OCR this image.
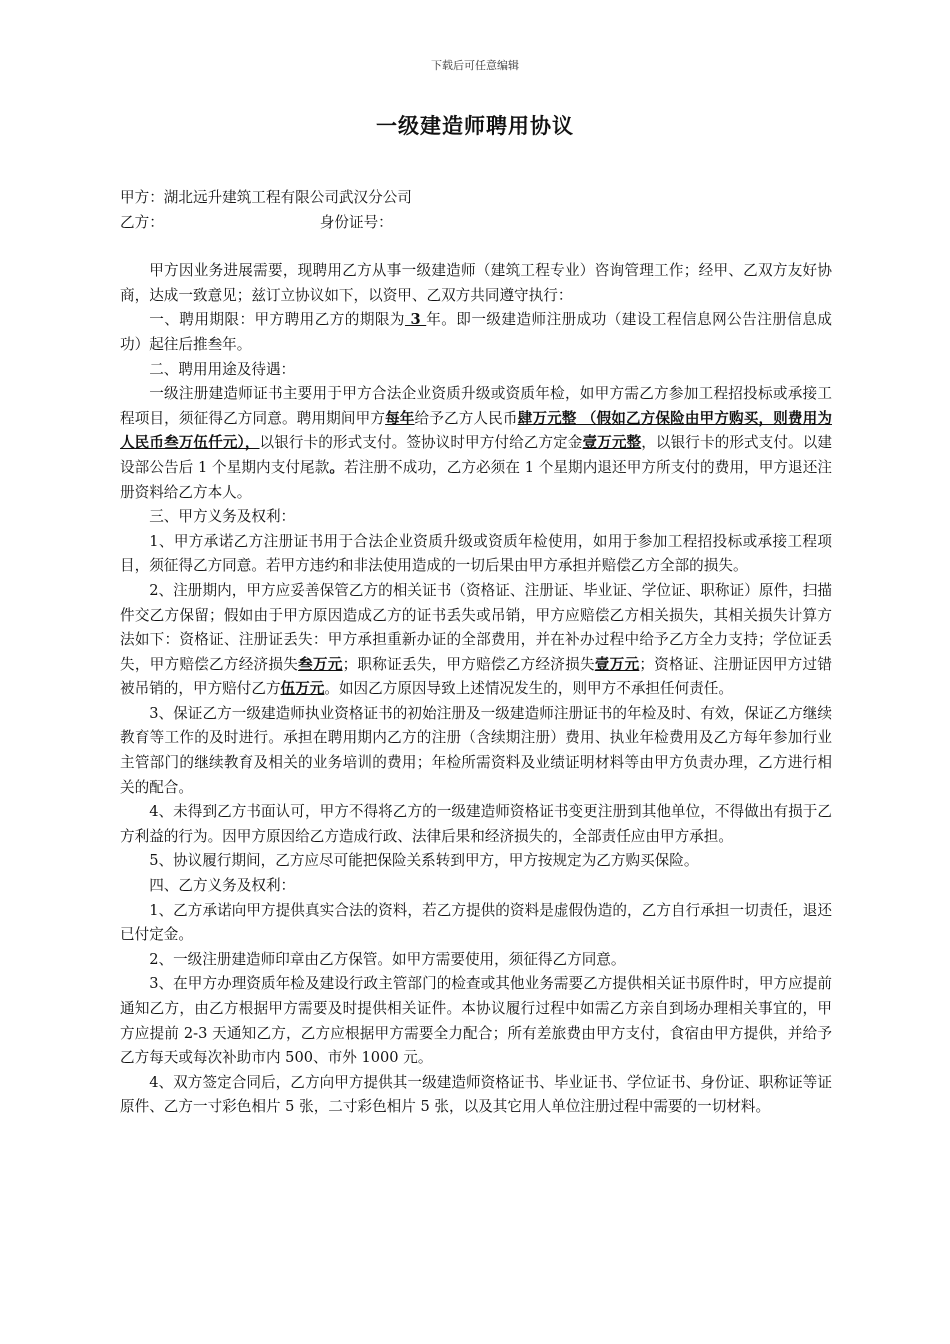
下载后可任意编辑
一级建造师聘用协议

甲方：湖北远升建筑工程有限公司武汉分公司

乙方：	身份证号：

甲方因业务进展需要，现聘用乙方从事一级建造师（建筑工程专业）咨询管理工作；经甲、乙双方友好协商，达成一致意见；兹订立协议如下，以资甲、乙双方共同遵守执行：

一、聘用期限：甲方聘用乙方的期限为 3 年。即一级建造师注册成功（建设工程信息网公告注册信息成功）起往后推叁年。

二、聘用用途及待遇：

一级注册建造师证书主要用于甲方合法企业资质升级或资质年检，如甲方需乙方参加工程招投标或承接工程项目，须征得乙方同意。聘用期间甲方每年给予乙方人民币肆万元整 （假如乙方保险由甲方购买，则费用为人民币叁万伍仟元），以银行卡的形式支付。签协议时甲方付给乙方定金壹万元整，以银行卡的形式支付。以建设部公告后 1 个星期内支付尾款。若注册不成功，乙方必须在 1 个星期内退还甲方所支付的费用，甲方退还注册资料给乙方本人。

三、甲方义务及权利：

1、甲方承诺乙方注册证书用于合法企业资质升级或资质年检使用，如用于参加工程招投标或承接工程项目，须征得乙方同意。若甲方违约和非法使用造成的一切后果由甲方承担并赔偿乙方全部的损失。

2、注册期内，甲方应妥善保管乙方的相关证书（资格证、注册证、毕业证、学位证、职称证）原件，扫描件交乙方保留；假如由于甲方原因造成乙方的证书丢失或吊销，甲方应赔偿乙方相关损失，其相关损失计算方法如下：资格证、注册证丢失：甲方承担重新办证的全部费用，并在补办过程中给予乙方全力支持；学位证丢失，甲方赔偿乙方经济损失叁万元；职称证丢失，甲方赔偿乙方经济损失壹万元；资格证、注册证因甲方过错被吊销的，甲方赔付乙方伍万元。如因乙方原因导致上述情况发生的，则甲方不承担任何责任。

3、保证乙方一级建造师执业资格证书的初始注册及一级建造师注册证书的年检及时、有效，保证乙方继续教育等工作的及时进行。承担在聘用期内乙方的注册（含续期注册）费用、执业年检费用及乙方每年参加行业主管部门的继续教育及相关的业务培训的费用；年检所需资料及业绩证明材料等由甲方负责办理，乙方进行相关的配合。

4、未得到乙方书面认可，甲方不得将乙方的一级建造师资格证书变更注册到其他单位，不得做出有损于乙方利益的行为。因甲方原因给乙方造成行政、法律后果和经济损失的，全部责任应由甲方承担。

5、协议履行期间，乙方应尽可能把保险关系转到甲方，甲方按规定为乙方购买保险。

四、乙方义务及权利：

1、乙方承诺向甲方提供真实合法的资料，若乙方提供的资料是虚假伪造的，乙方自行承担一切责任，退还已付定金。

2、一级注册建造师印章由乙方保管。如甲方需要使用，须征得乙方同意。

3、在甲方办理资质年检及建设行政主管部门的检查或其他业务需要乙方提供相关证书原件时，甲方应提前通知乙方，由乙方根据甲方需要及时提供相关证件。本协议履行过程中如需乙方亲自到场办理相关事宜的，甲方应提前 2-3 天通知乙方，乙方应根据甲方需要全力配合；所有差旅费由甲方支付，食宿由甲方提供，并给予乙方每天或每次补助市内 500、市外 1000 元。

4、双方签定合同后，乙方向甲方提供其一级建造师资格证书、毕业证书、学位证书、身份证、职称证等证原件、乙方一寸彩色相片 5 张，二寸彩色相片 5 张，以及其它用人单位注册过程中需要的一切材料。
